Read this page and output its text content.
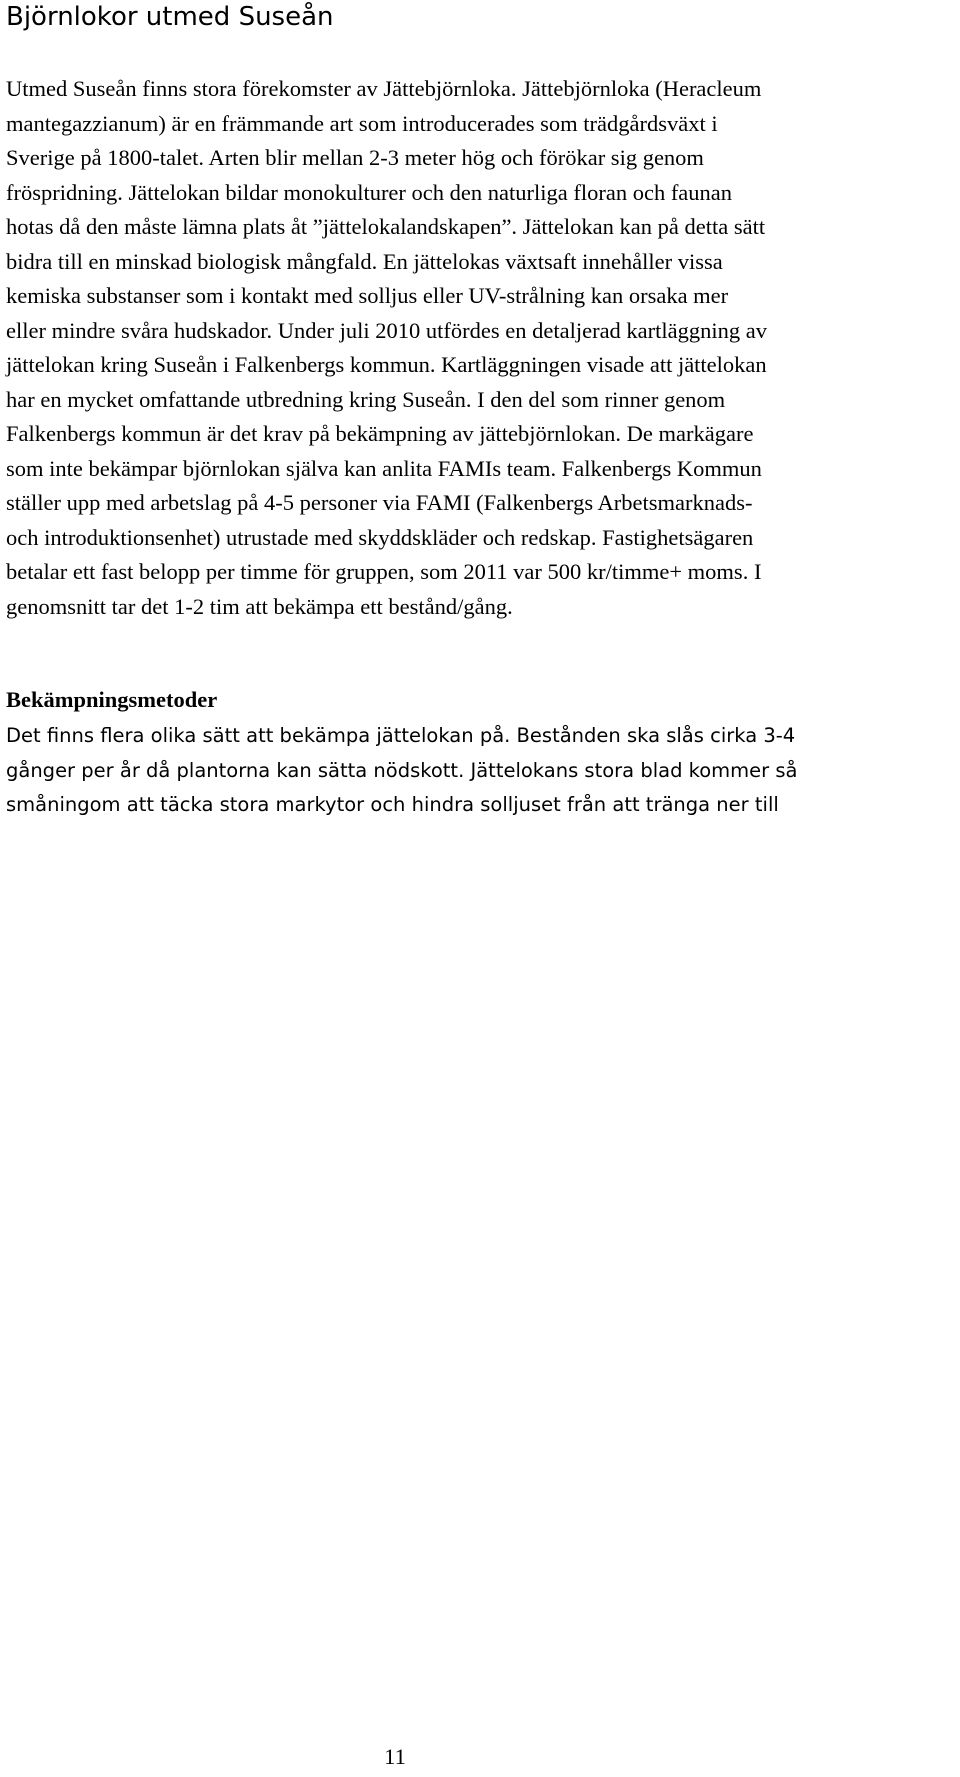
Björnlokor utmed Suseån
Utmed Suseån finns stora förekomster av Jättebjörnloka. Jättebjörnloka (Heracleum
mantegazzianum) är en främmande art som introducerades som trädgårdsväxt i
Sverige på 1800-talet. Arten blir mellan 2-3 meter hög och förökar sig genom
fröspridning. Jättelokan bildar monokulturer och den naturliga floran och faunan
hotas då den måste lämna plats åt ”jättelokalandskapen”. Jättelokan kan på detta sätt
bidra till en minskad biologisk mångfald. En jättelokas växtsaft innehåller vissa
kemiska substanser som i kontakt med solljus eller UV-strålning kan orsaka mer
eller mindre svåra hudskador. Under juli 2010 utfördes en detaljerad kartläggning av
jättelokan kring Suseån i Falkenbergs kommun. Kartläggningen visade att jättelokan
har en mycket omfattande utbredning kring Suseån. I den del som rinner genom
Falkenbergs kommun är det krav på bekämpning av jättebjörnlokan. De markägare
som inte bekämpar björnlokan själva kan anlita FAMIs team. Falkenbergs Kommun
ställer upp med arbetslag på 4-5 personer via FAMI (Falkenbergs Arbetsmarknads-
och introduktionsenhet) utrustade med skyddskläder och redskap. Fastighetsägaren
betalar ett fast belopp per timme för gruppen, som 2011 var 500 kr/timme+ moms. I
genomsnitt tar det 1-2 tim att bekämpa ett bestånd/gång.
Bekämpningsmetoder
Det finns flera olika sätt att bekämpa jättelokan på. Bestånden ska slås cirka 3-4
gånger per år då plantorna kan sätta nödskott. Jättelokans stora blad kommer så
småningom att täcka stora markytor och hindra solljuset från att tränga ner till
11
